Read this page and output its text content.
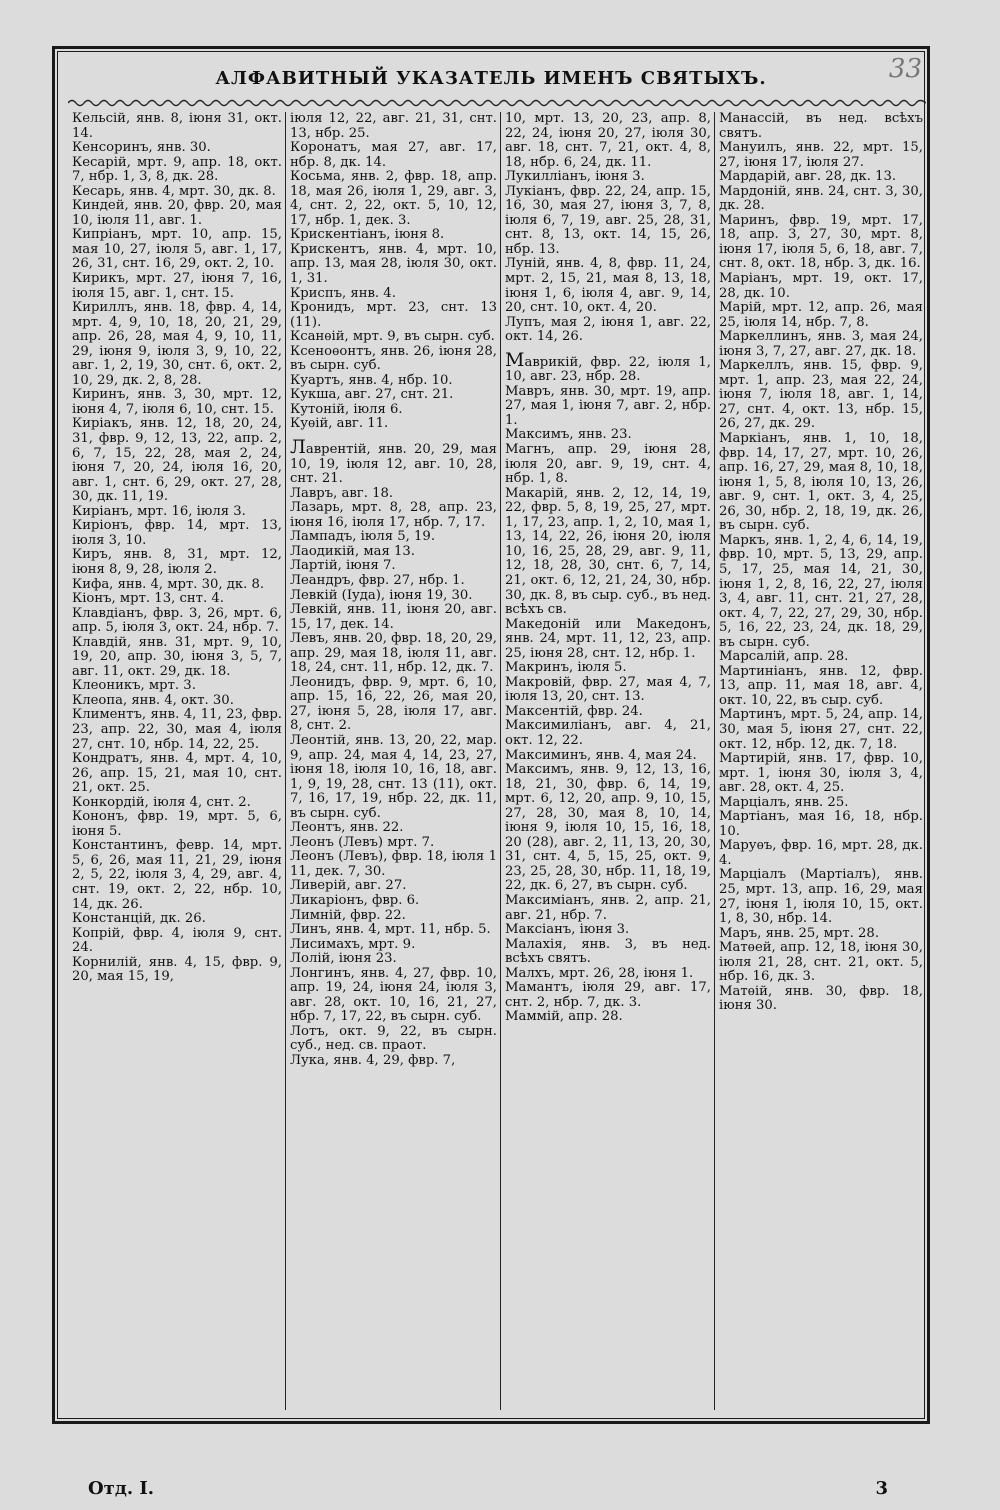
33
АЛФАВИТНЫЙ УКАЗАТЕЛЬ ИМЕНЪ СВЯТЫХЪ.

Кельсій, янв. 8, іюня 31, окт. 14.

Кенсоринъ, янв. 30.

Кесарій, мрт. 9, апр. 18, окт. 7, нбр. 1, 3, 8, дк. 28.

Кесарь, янв. 4, мрт. 30, дк. 8.

Киндей, янв. 20, фвр. 20, мая 10, іюля 11, авг. 1.

Кипріанъ, мрт. 10, апр. 15, мая 10, 27, іюля 5, авг. 1, 17, 26, 31, снт. 16, 29, окт. 2, 10.

Кирикъ, мрт. 27, іюня 7, 16, іюля 15, авг. 1, снт. 15.

Кириллъ, янв. 18, фвр. 4, 14, мрт. 4, 9, 10, 18, 20, 21, 29, апр. 26, 28, мая 4, 9, 10, 11, 29, іюня 9, іюля 3, 9, 10, 22, авг. 1, 2, 19, 30, снт. 6, окт. 2, 10, 29, дк. 2, 8, 28.

Киринъ, янв. 3, 30, мрт. 12, іюня 4, 7, іюля 6, 10, снт. 15.

Киріакъ, янв. 12, 18, 20, 24, 31, фвр. 9, 12, 13, 22, апр. 2, 6, 7, 15, 22, 28, мая 2, 24, іюня 7, 20, 24, іюля 16, 20, авг. 1, снт. 6, 29, окт. 27, 28, 30, дк. 11, 19.

Киріанъ, мрт. 16, іюля 3.

Киріонъ, фвр. 14, мрт. 13, іюля 3, 10.

Киръ, янв. 8, 31, мрт. 12, іюня 8, 9, 28, іюля 2.

Кифа, янв. 4, мрт. 30, дк. 8.

Кіонъ, мрт. 13, снт. 4.

Клавдіанъ, фвр. 3, 26, мрт. 6, апр. 5, іюля 3, окт. 24, нбр. 7.

Клавдій, янв. 31, мрт. 9, 10, 19, 20, апр. 30, іюня 3, 5, 7, авг. 11, окт. 29, дк. 18.

Клеоникъ, мрт. 3.

Клеопа, янв. 4, окт. 30.

Климентъ, янв. 4, 11, 23, фвр. 23, апр. 22, 30, мая 4, іюля 27, снт. 10, нбр. 14, 22, 25.

Кондратъ, янв. 4, мрт. 4, 10, 26, апр. 15, 21, мая 10, снт. 21, окт. 25.

Конкордій, іюля 4, снт. 2.

Кононъ, фвр. 19, мрт. 5, 6, іюня 5.

Константинъ, февр. 14, мрт. 5, 6, 26, мая 11, 21, 29, іюня 2, 5, 22, іюля 3, 4, 29, авг. 4, снт. 19, окт. 2, 22, нбр. 10, 14, дк. 26.

Констанцій, дк. 26.

Копрій, фвр. 4, іюля 9, снт. 24.

Корнилій, янв. 4, 15, фвр. 9, 20, мая 15, 19,

іюля 12, 22, авг. 21, 31, снт. 13, нбр. 25.

Коронатъ, мая 27, авг. 17, нбр. 8, дк. 14.

Косьма, янв. 2, фвр. 18, апр. 18, мая 26, іюля 1, 29, авг. 3, 4, снт. 2, 22, окт. 5, 10, 12, 17, нбр. 1, дек. 3.

Крискентіанъ, іюня 8.

Крискентъ, янв. 4, мрт. 10, апр. 13, мая 28, іюля 30, окт. 1, 31.

Криспъ, янв. 4.

Кронидъ, мрт. 23, снт. 13 (11).

Ксанѳій, мрт. 9, въ сырн. суб.

Ксеноѳонтъ, янв. 26, іюня 28, въ сырн. суб.

Куартъ, янв. 4, нбр. 10.

Кукша, авг. 27, снт. 21.

Кутоній, іюля 6.

Куѳій, авг. 11.

Лаврентій, янв. 20, 29, мая 10, 19, іюля 12, авг. 10, 28, снт. 21.

Лавръ, авг. 18.

Лазарь, мрт. 8, 28, апр. 23, іюня 16, іюля 17, нбр. 7, 17.

Лампадъ, іюля 5, 19.

Лаодикій, мая 13.

Лартій, іюня 7.

Леандръ, фвр. 27, нбр. 1.

Левкій (Іуда), іюня 19, 30.

Левкій, янв. 11, іюня 20, авг. 15, 17, дек. 14.

Левъ, янв. 20, фвр. 18, 20, 29, апр. 29, мая 18, іюля 11, авг. 18, 24, снт. 11, нбр. 12, дк. 7.

Леонидъ, фвр. 9, мрт. 6, 10, апр. 15, 16, 22, 26, мая 20, 27, іюня 5, 28, іюля 17, авг. 8, снт. 2.

Леонтій, янв. 13, 20, 22, мар. 9, апр. 24, мая 4, 14, 23, 27, іюня 18, іюля 10, 16, 18, авг. 1, 9, 19, 28, снт. 13 (11), окт. 7, 16, 17, 19, нбр. 22, дк. 11, въ сырн. суб.

Леонтъ, янв. 22.

Леонъ (Левъ) мрт. 7.

Леонъ (Левъ), фвр. 18, іюля 1 11, дек. 7, 30.

Ливерій, авг. 27.

Ликаріонъ, фвр. 6.

Лимній, фвр. 22.

Линъ, янв. 4, мрт. 11, нбр. 5.

Лисимахъ, мрт. 9.

Лолій, іюня 23.

Лонгинъ, янв. 4, 27, фвр. 10, апр. 19, 24, іюня 24, іюля 3, авг. 28, окт. 10, 16, 21, 27, нбр. 7, 17, 22, въ сырн. суб.

Лотъ, окт. 9, 22, въ сырн. суб., нед. св. праот.

Лука, янв. 4, 29, фвр. 7,

10, мрт. 13, 20, 23, апр. 8, 22, 24, іюня 20, 27, іюля 30, авг. 18, снт. 7, 21, окт. 4, 8, 18, нбр. 6, 24, дк. 11.

Лукилліанъ, іюня 3.

Лукіанъ, фвр. 22, 24, апр. 15, 16, 30, мая 27, іюня 3, 7, 8, іюля 6, 7, 19, авг. 25, 28, 31, снт. 8, 13, окт. 14, 15, 26, нбр. 13.

Луній, янв. 4, 8, фвр. 11, 24, мрт. 2, 15, 21, мая 8, 13, 18, іюня 1, 6, іюля 4, авг. 9, 14, 20, снт. 10, окт. 4, 20.

Лупъ, мая 2, іюня 1, авг. 22, окт. 14, 26.

Маврикій, фвр. 22, іюля 1, 10, авг. 23, нбр. 28.

Мавръ, янв. 30, мрт. 19, апр. 27, мая 1, іюня 7, авг. 2, нбр. 1.

Максимъ, янв. 23.

Магнъ, апр. 29, іюня 28, іюля 20, авг. 9, 19, снт. 4, нбр. 1, 8.

Макарій, янв. 2, 12, 14, 19, 22, фвр. 5, 8, 19, 25, 27, мрт. 1, 17, 23, апр. 1, 2, 10, мая 1, 13, 14, 22, 26, іюня 20, іюля 10, 16, 25, 28, 29, авг. 9, 11, 12, 18, 28, 30, снт. 6, 7, 14, 21, окт. 6, 12, 21, 24, 30, нбр. 30, дк. 8, въ сыр. суб., въ нед. всѣхъ св.

Македоній или Македонъ, янв. 24, мрт. 11, 12, 23, апр. 25, іюня 28, снт. 12, нбр. 1.

Макринъ, іюля 5.

Макровій, фвр. 27, мая 4, 7, іюля 13, 20, снт. 13.

Максентій, фвр. 24.

Максимиліанъ, авг. 4, 21, окт. 12, 22.

Максиминъ, янв. 4, мая 24.

Максимъ, янв. 9, 12, 13, 16, 18, 21, 30, фвр. 6, 14, 19, мрт. 6, 12, 20, апр. 9, 10, 15, 27, 28, 30, мая 8, 10, 14, іюня 9, іюля 10, 15, 16, 18, 20 (28), авг. 2, 11, 13, 20, 30, 31, снт. 4, 5, 15, 25, окт. 9, 23, 25, 28, 30, нбр. 11, 18, 19, 22, дк. 6, 27, въ сырн. суб.

Максиміанъ, янв. 2, апр. 21, авг. 21, нбр. 7.

Максіанъ, іюня 3.

Малахія, янв. 3, въ нед. всѣхъ святъ.

Малхъ, мрт. 26, 28, іюня 1.

Мамантъ, іюля 29, авг. 17, снт. 2, нбр. 7, дк. 3.

Маммій, апр. 28.

Манассій, въ нед. всѣхъ святъ.

Мануилъ, янв. 22, мрт. 15, 27, іюня 17, іюля 27.

Мардарій, авг. 28, дк. 13.

Мардоній, янв. 24, снт. 3, 30, дк. 28.

Маринъ, фвр. 19, мрт. 17, 18, апр. 3, 27, 30, мрт. 8, іюня 17, іюля 5, 6, 18, авг. 7, снт. 8, окт. 18, нбр. 3, дк. 16.

Маріанъ, мрт. 19, окт. 17, 28, дк. 10.

Марій, мрт. 12, апр. 26, мая 25, іюля 14, нбр. 7, 8.

Маркеллинъ, янв. 3, мая 24, іюня 3, 7, 27, авг. 27, дк. 18.

Маркеллъ, янв. 15, фвр. 9, мрт. 1, апр. 23, мая 22, 24, іюня 7, іюля 18, авг. 1, 14, 27, снт. 4, окт. 13, нбр. 15, 26, 27, дк. 29.

Маркіанъ, янв. 1, 10, 18, фвр. 14, 17, 27, мрт. 10, 26, апр. 16, 27, 29, мая 8, 10, 18, іюня 1, 5, 8, іюля 10, 13, 26, авг. 9, снт. 1, окт. 3, 4, 25, 26, 30, нбр. 2, 18, 19, дк. 26, въ сырн. суб.

Маркъ, янв. 1, 2, 4, 6, 14, 19, фвр. 10, мрт. 5, 13, 29, апр. 5, 17, 25, мая 14, 21, 30, іюня 1, 2, 8, 16, 22, 27, іюля 3, 4, авг. 11, снт. 21, 27, 28, окт. 4, 7, 22, 27, 29, 30, нбр. 5, 16, 22, 23, 24, дк. 18, 29, въ сырн. суб.

Марсалій, апр. 28.

Мартиніанъ, янв. 12, фвр. 13, апр. 11, мая 18, авг. 4, окт. 10, 22, въ сыр. суб.

Мартинъ, мрт. 5, 24, апр. 14, 30, мая 5, іюня 27, снт. 22, окт. 12, нбр. 12, дк. 7, 18.

Мартирій, янв. 17, фвр. 10, мрт. 1, іюня 30, іюля 3, 4, авг. 28, окт. 4, 25.

Марціалъ, янв. 25.

Мартіанъ, мая 16, 18, нбр. 10.

Маруѳъ, фвр. 16, мрт. 28, дк. 4.

Марціалъ (Мартіалъ), янв. 25, мрт. 13, апр. 16, 29, мая 27, іюня 1, іюля 10, 15, окт. 1, 8, 30, нбр. 14.

Маръ, янв. 25, мрт. 28.

Матѳей, апр. 12, 18, іюня 30, іюля 21, 28, снт. 21, окт. 5, нбр. 16, дк. 3.

Матѳій, янв. 30, фвр. 18, іюня 30.

Отд. I.	3
